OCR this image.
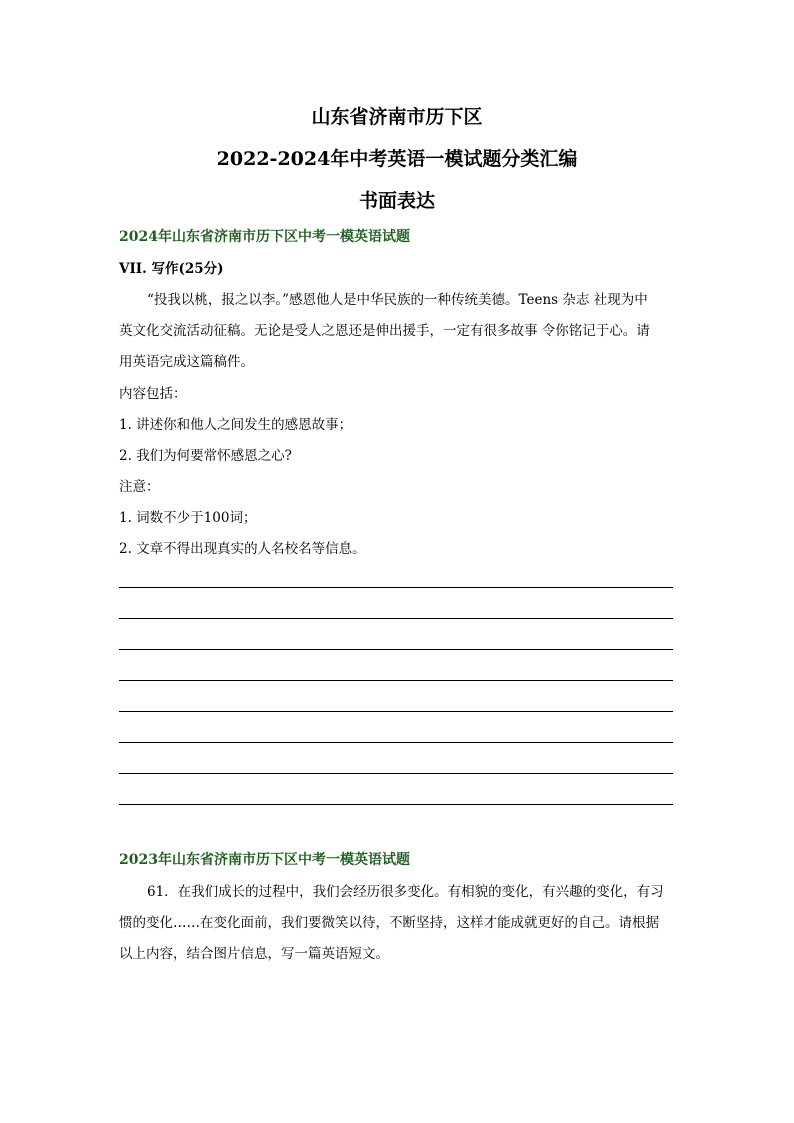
山东省济南市历下区
2022-2024年中考英语一模试题分类汇编
书面表达
2024年山东省济南市历下区中考一模英语试题
VII. 写作(25分)
“投我以桃，报之以李。”感恩他人是中华民族的一种传统美德。Teens 杂志 社现为中
英文化交流活动征稿。无论是受人之恩还是伸出援手，一定有很多故事 令你铭记于心。请
用英语完成这篇稿件。
内容包括：
1. 讲述你和他人之间发生的感恩故事；
2. 我们为何要常怀感恩之心?
注意：
1. 词数不少于100词；
2. 文章不得出现真实的人名校名等信息。
2023年山东省济南市历下区中考一模英语试题
61．在我们成长的过程中，我们会经历很多变化。有相貌的变化，有兴趣的变化，有习
惯的变化……在变化面前，我们要微笑以待，不断坚持，这样才能成就更好的自己。请根据
以上内容，结合图片信息，写一篇英语短文。
